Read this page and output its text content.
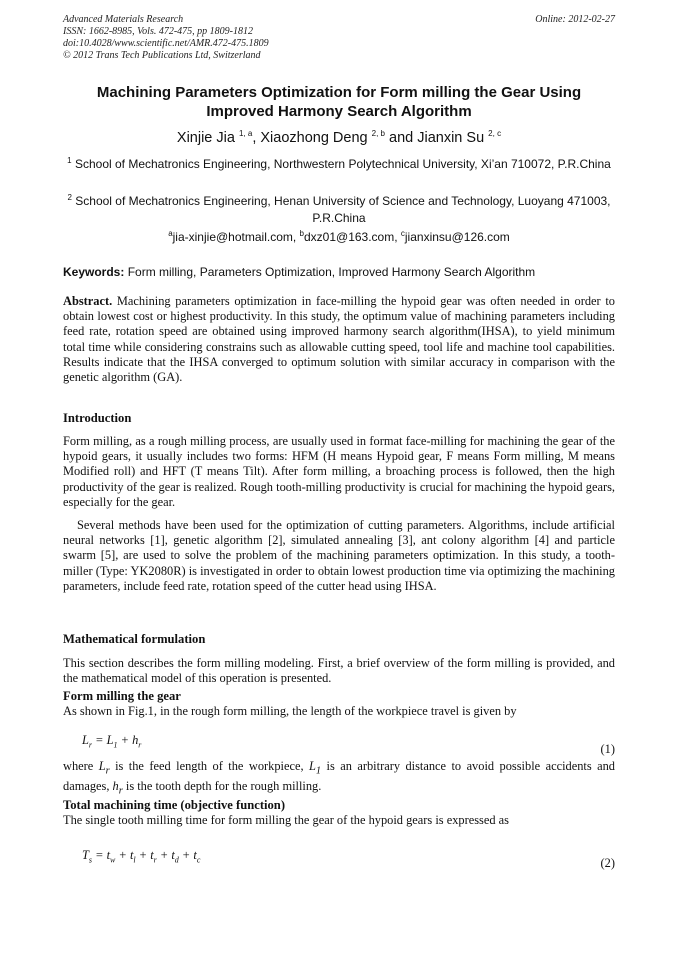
Advanced Materials Research
ISSN: 1662-8985, Vols. 472-475, pp 1809-1812
doi:10.4028/www.scientific.net/AMR.472-475.1809
© 2012 Trans Tech Publications Ltd, Switzerland
Online: 2012-02-27
Machining Parameters Optimization for Form milling the Gear Using Improved Harmony Search Algorithm
Xinjie Jia $^{1, a}$, Xiaozhong Deng $^{2, b}$ and Jianxin Su $^{2, c}$
$^1$ School of Mechatronics Engineering, Northwestern Polytechnical University, Xi’an 710072, P.R.China
$^2$ School of Mechatronics Engineering, Henan University of Science and Technology, Luoyang 471003, P.R.China
$^a$jia-xinjie@hotmail.com, $^b$dxz01@163.com, $^c$jianxinsu@126.com
Keywords: Form milling, Parameters Optimization, Improved Harmony Search Algorithm
Abstract. Machining parameters optimization in face-milling the hypoid gear was often needed in order to obtain lowest cost or highest productivity. In this study, the optimum value of machining parameters including feed rate, rotation speed are obtained using improved harmony search algorithm(IHSA), to yield minimum total time while considering constrains such as allowable cutting speed, tool life and machine tool capabilities. Results indicate that the IHSA converged to optimum solution with similar accuracy in comparison with the genetic algorithm (GA).
Introduction
Form milling, as a rough milling process, are usually used in format face-milling for machining the gear of the hypoid gears, it usually includes two forms: HFM (H means Hypoid gear, F means Form milling, M means Modified roll) and HFT (T means Tilt). After form milling, a broaching process is followed, then the high productivity of the gear is realized. Rough tooth-milling productivity is crucial for machining the hypoid gears, especially for the gear.
Several methods have been used for the optimization of cutting parameters. Algorithms, include artificial neural networks [1], genetic algorithm [2], simulated annealing [3], ant colony algorithm [4] and particle swarm [5], are used to solve the problem of the machining parameters optimization. In this study, a tooth-miller (Type: YK2080R) is investigated in order to obtain lowest production time via optimizing the machining parameters, include feed rate, rotation speed of the cutter head using IHSA.
Mathematical formulation
This section describes the form milling modeling. First, a brief overview of the form milling is provided, and the mathematical model of this operation is presented.
Form milling the gear
As shown in Fig.1, in the rough form milling, the length of the workpiece travel is given by
$L_r = L_1 + h_r$	(1)
where $L_r$ is the feed length of the workpiece, $L_1$ is an arbitrary distance to avoid possible accidents and damages, $h_r$ is the tooth depth for the rough milling.
Total machining time (objective function)
The single tooth milling time for form milling the gear of the hypoid gears is expressed as
$T_s = t_w + t_l + t_r + t_d + t_c$	(2)
